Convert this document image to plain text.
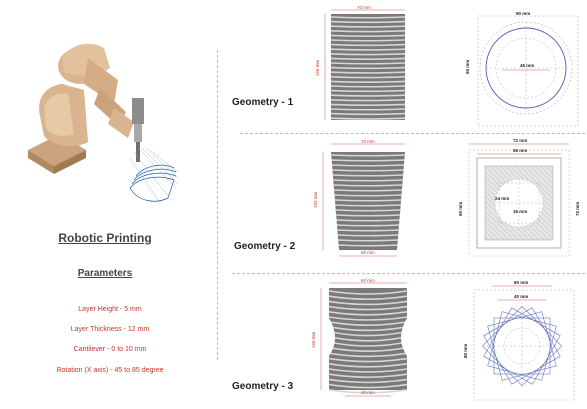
Robotic Printing
Parameters
Layer Height - 5 mm
Layer Thickness - 12 mm
Cantilever - 0 to 10 mm
Rotation (X axis) - 45 to 85 degree
Geometry - 1
Geometry - 2
Geometry - 3
70 mm
150 mm
90 mm
45 mm
65 mm
72 mm
150 mm
60 mm
72 mm
56 mm
60 mm	72 mm
24 mm
16 mm
60 mm
150 mm
40 mm
60 mm
40 mm
80 mm
